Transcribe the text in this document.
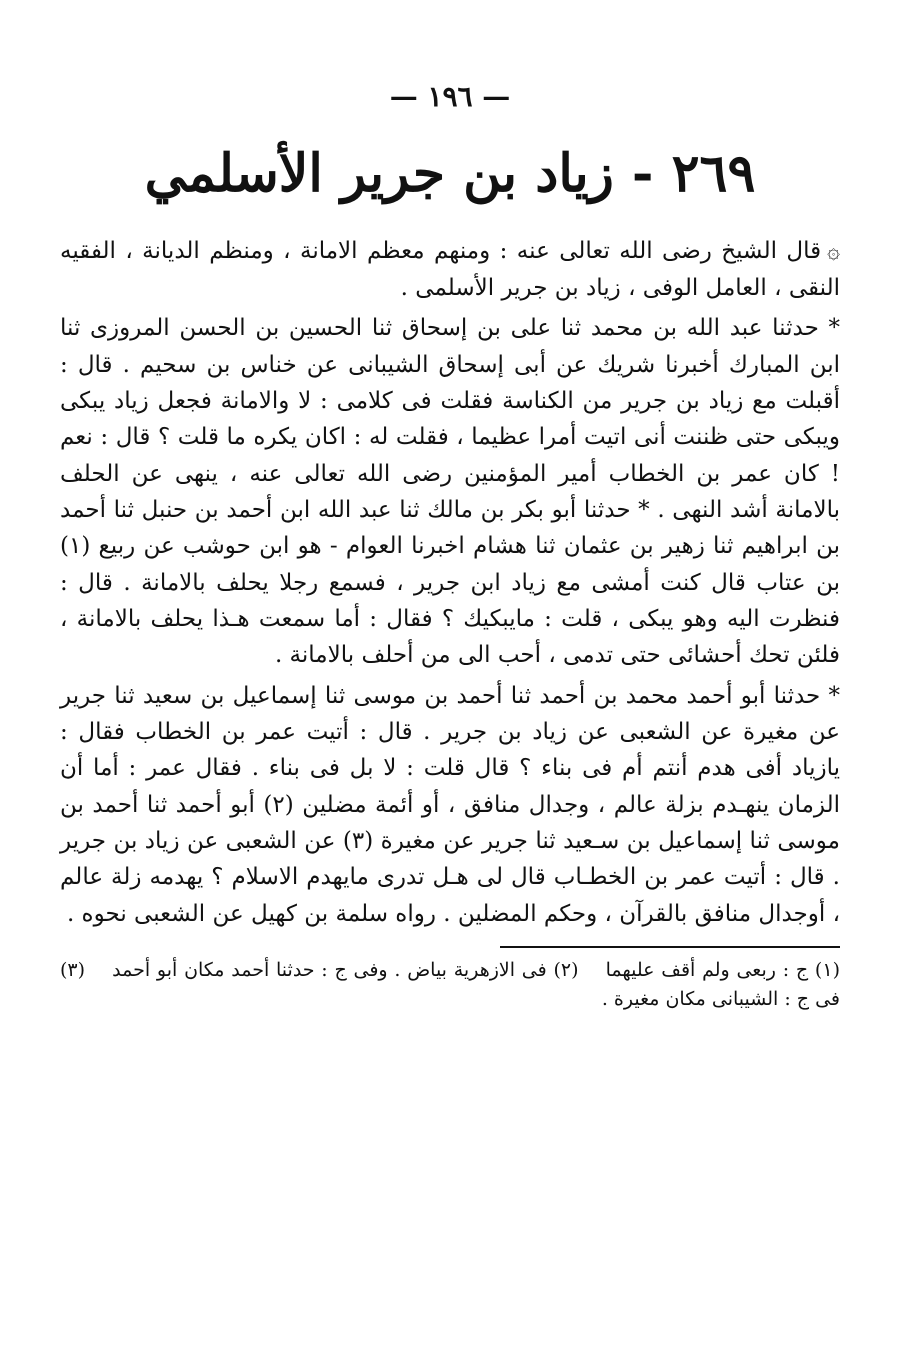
— ١٩٦ —
٢٦٩ - زياد بن جرير الأسلمي

۞قال الشيخ رضى الله تعالى عنه : ومنهم معظم الامانة ، ومنظم الديانة ، الفقيه النقى ، العامل الوفى ، زياد بن جرير الأسلمى .

* حدثنا عبد الله بن محمد ثنا على بن إسحاق ثنا الحسين بن الحسن المروزى ثنا ابن المبارك أخبرنا شريك عن أبى إسحاق الشيبانى عن خناس بن سحيم . قال : أقبلت مع زياد بن جرير من الكناسة فقلت فى كلامى : لا والامانة فجعل زياد يبكى ويبكى حتى ظننت أنى اتيت أمرا عظيما ، فقلت له : اكان يكره ما قلت ؟ قال : نعم ! كان عمر بن الخطاب أمير المؤمنين رضى الله تعالى عنه ، ينهى عن الحلف بالامانة أشد النهى . * حدثنا أبو بكر بن مالك ثنا عبد الله ابن أحمد بن حنبل ثنا أحمد بن ابراهيم ثنا زهير بن عثمان ثنا هشام اخبرنا العوام - هو ابن حوشب عن ربيع (١) بن عتاب قال كنت أمشى مع زياد ابن جرير ، فسمع رجلا يحلف بالامانة . قال : فنظرت اليه وهو يبكى ، قلت : مايبكيك ؟ فقال : أما سمعت هـذا يحلف بالامانة ، فلئن تحك أحشائى حتى تدمى ، أحب الى من أحلف بالامانة .

* حدثنا أبو أحمد محمد بن أحمد ثنا أحمد بن موسى ثنا إسماعيل بن سعيد ثنا جرير عن مغيرة عن الشعبى عن زياد بن جرير . قال : أتيت عمر بن الخطاب فقال : يازياد أفى هدم أنتم أم فى بناء ؟ قال قلت : لا بل فى بناء . فقال عمر : أما أن الزمان ينهـدم بزلة عالم ، وجدال منافق ، أو أئمة مضلين (٢) أبو أحمد ثنا أحمد بن موسى ثنا إسماعيل بن سـعيد ثنا جرير عن مغيرة (٣) عن الشعبى عن زياد بن جرير . قال : أتيت عمر بن الخطـاب قال لى هـل تدرى مايهدم الاسلام ؟ يهدمه زلة عالم ، أوجدال منافق بالقرآن ، وحكم المضلين . رواه سلمة بن كهيل عن الشعبى نحوه .

(١) ج : ربعى ولم أقف عليهما    (٢) فى الازهرية بياض . وفى ج : حدثنا أحمد مكان أبو أحمد    (٣) فى ج : الشيبانى مكان مغيرة .
